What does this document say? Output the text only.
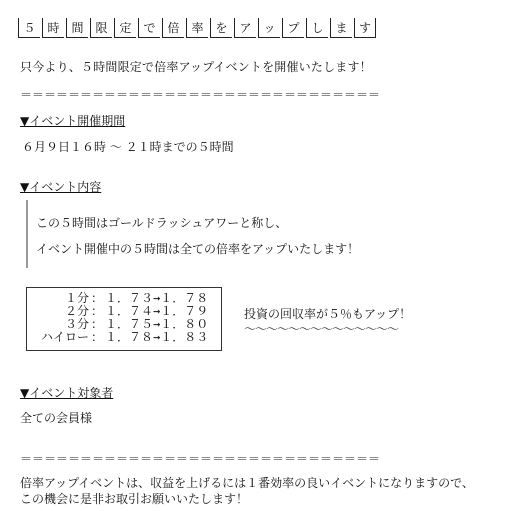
５ 時 間 限 定 で 倍 率 を ア ッ プ し ま す
只今より、５時間限定で倍率アップイベントを開催いたします！
＝＝＝＝＝＝＝＝＝＝＝＝＝＝＝＝＝＝＝＝＝＝＝＝＝＝＝＝＝＝
▼イベント開催期間
６月９日１６時 ～ ２１時までの５時間
▼イベント内容
この５時間はゴールドラッシュアワーと称し、
イベント開催中の５時間は全ての倍率をアップいたします！
１分 ： １．７３→１．７８
２分 ： １．７４→１．７９
３分 ： １．７５→１．８０
ハイロー ： １．７８→１．８３
投資の回収率が５％もアップ！
～～～～～～～～～～～～～～
▼イベント対象者
全ての会員様
＝＝＝＝＝＝＝＝＝＝＝＝＝＝＝＝＝＝＝＝＝＝＝＝＝＝＝＝＝＝
倍率アップイベントは、収益を上げるには１番効率の良いイベントになりますので、この機会に是非お取引お願いいたします！
